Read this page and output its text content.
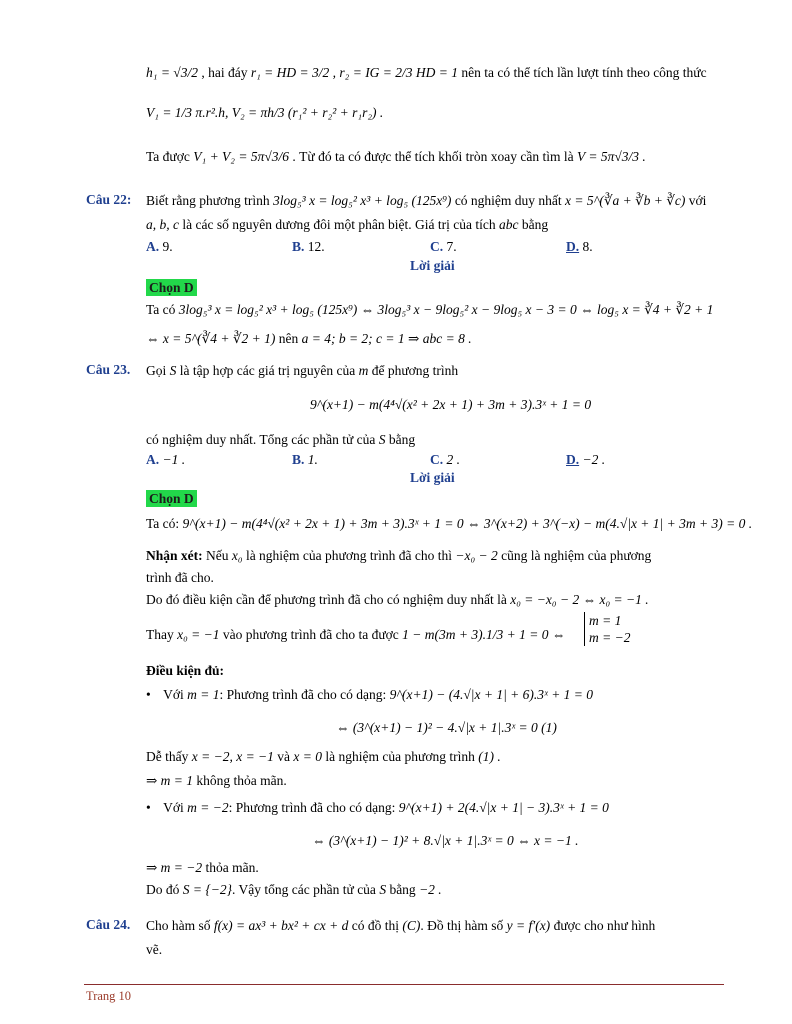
h₁ = √3/2 , hai đáy r₁ = HD = 3/2 , r₂ = IG = 2/3 HD = 1 nên ta có thể tích lần lượt tính theo công thức
V₁ = 1/3 π.r².h, V₂ = πh/3 (r₁² + r₂² + r₁r₂) .
Ta được V₁ + V₂ = 5π√3/6 . Từ đó ta có được thể tích khối tròn xoay cần tìm là V = 5π√3/3 .
Câu 22: Biết rằng phương trình 3log₅³ x = log₅² x³ + log₅ (125x⁹) có nghiệm duy nhất x = 5^(∛a + ∛b + ∛c) với
a, b, c là các số nguyên dương đôi một phân biệt. Giá trị của tích abc bằng
A. 9.	B. 12.	C. 7.	D. 8.
Lời giải
Chọn D
Ta có 3log₅³ x = log₅² x³ + log₅ (125x⁹) ⇔ 3log₅³ x − 9log₅² x − 9log₅ x − 3 = 0 ⇔ log₅ x = ∛4 + ∛2 + 1
⇔ x = 5^(∛4 + ∛2 + 1) nên a = 4; b = 2; c = 1 ⇒ abc = 8 .
Câu 23. Gọi S là tập hợp các giá trị nguyên của m để phương trình
9^(x+1) − m(4⁴√(x² + 2x + 1) + 3m + 3).3ˣ + 1 = 0
có nghiệm duy nhất. Tổng các phần tử của S bằng
A. −1 .	B. 1.	C. 2 .	D. −2 .
Lời giải
Chọn D
Ta có: 9^(x+1) − m(4⁴√(x² + 2x + 1) + 3m + 3).3ˣ + 1 = 0 ⇔ 3^(x+2) + 3^(−x) − m(4.√|x + 1| + 3m + 3) = 0 .
Nhận xét: Nếu x₀ là nghiệm của phương trình đã cho thì −x₀ − 2 cũng là nghiệm của phương
trình đã cho.
Do đó điều kiện cần để phương trình đã cho có nghiệm duy nhất là x₀ = −x₀ − 2 ⇔ x₀ = −1 .
Thay x₀ = −1 vào phương trình đã cho ta được 1 − m(3m + 3).1/3 + 1 = 0 ⇔
m = 1
m = −2
Điều kiện đủ:
• Với m = 1: Phương trình đã cho có dạng: 9^(x+1) − (4.√|x + 1| + 6).3ˣ + 1 = 0
⇔ (3^(x+1) − 1)² − 4.√|x + 1|.3ˣ = 0 (1)
Dễ thấy x = −2, x = −1 và x = 0 là nghiệm của phương trình (1) .
⇒ m = 1 không thỏa mãn.
• Với m = −2: Phương trình đã cho có dạng: 9^(x+1) + 2(4.√|x + 1| − 3).3ˣ + 1 = 0
⇔ (3^(x+1) − 1)² + 8.√|x + 1|.3ˣ = 0 ⇔ x = −1 .
⇒ m = −2 thỏa mãn.
Do đó S = {−2}. Vậy tổng các phần tử của S bằng −2 .
Câu 24. Cho hàm số f(x) = ax³ + bx² + cx + d có đồ thị (C). Đồ thị hàm số y = f′(x) được cho như hình
vẽ.
Trang 10
